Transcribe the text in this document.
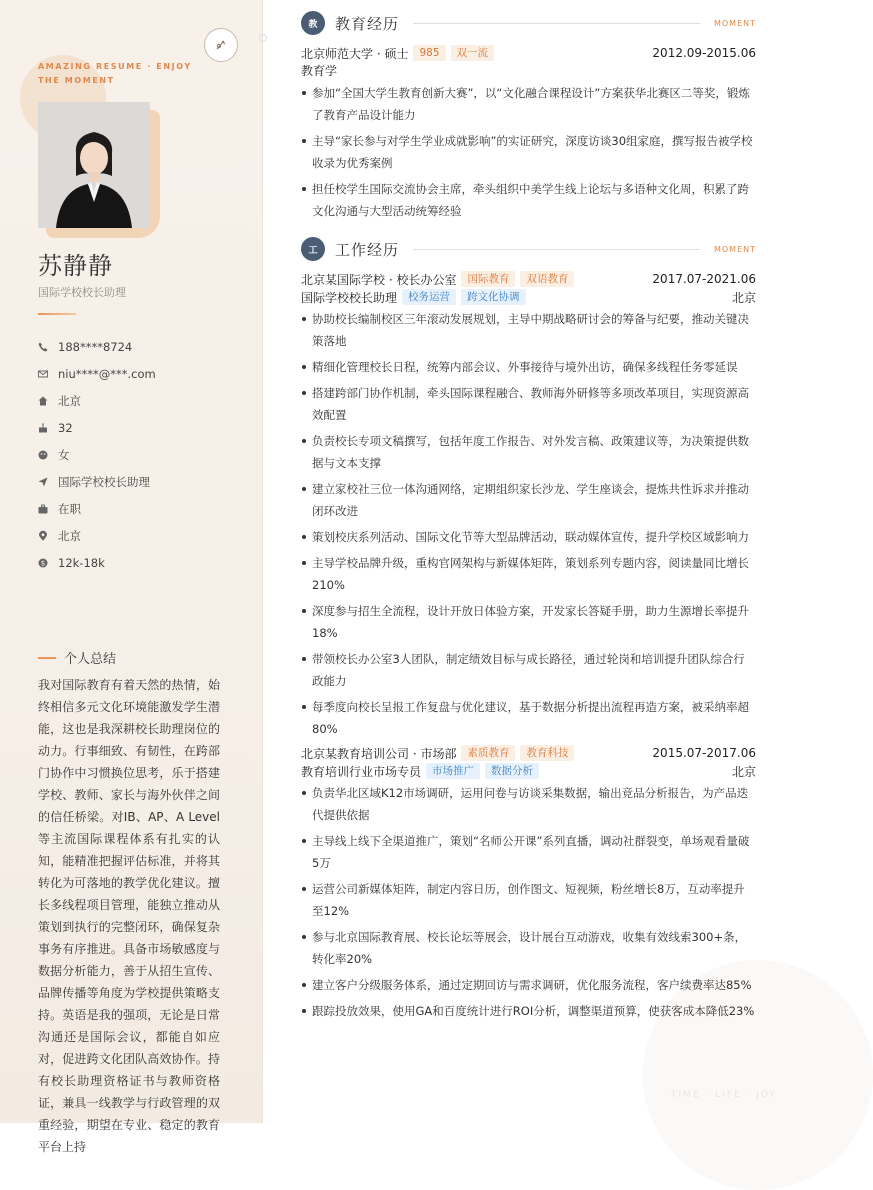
AMAZING RESUME · ENJOY THE MOMENT
苏静静
国际学校校长助理
188****8724
niu****@***.com
北京
32
女
国际学校校长助理
在职
北京
$ 12k-18k
个人总结
我对国际教育有着天然的热情，始终相信多元文化环境能激发学生潜能，这也是我深耕校长助理岗位的动力。行事细致、有韧性，在跨部门协作中习惯换位思考，乐于搭建学校、教师、家长与海外伙伴之间的信任桥梁。对IB、AP、A Level等主流国际课程体系有扎实的认知，能精准把握评估标准，并将其转化为可落地的教学优化建议。擅长多线程项目管理，能独立推动从策划到执行的完整闭环，确保复杂事务有序推进。具备市场敏感度与数据分析能力，善于从招生宣传、品牌传播等角度为学校提供策略支持。英语是我的强项，无论是日常沟通还是国际会议，都能自如应对，促进跨文化团队高效协作。持有校长助理资格证书与教师资格证，兼具一线教学与行政管理的双重经验，期望在专业、稳定的教育平台上持
TIME · LIFE · JOY
教	教育经历	MOMENT
北京师范大学 · 硕士	985	双一流	2012.09-2015.06
教育学
参加“全国大学生教育创新大赛”，以“文化融合课程设计”方案获华北赛区二等奖，锻炼了教育产品设计能力
主导“家长参与对学生学业成就影响”的实证研究，深度访谈30组家庭，撰写报告被学校收录为优秀案例
担任校学生国际交流协会主席，牵头组织中美学生线上论坛与多语种文化周，积累了跨文化沟通与大型活动统筹经验
工	工作经历	MOMENT
北京某国际学校 · 校长办公室	国际教育	双语教育	2017.07-2021.06
国际学校校长助理	校务运营	跨文化协调	北京
协助校长编制校区三年滚动发展规划，主导中期战略研讨会的筹备与纪要，推动关键决策落地
精细化管理校长日程，统筹内部会议、外事接待与境外出访，确保多线程任务零延误
搭建跨部门协作机制，牵头国际课程融合、教师海外研修等多项改革项目，实现资源高效配置
负责校长专项文稿撰写，包括年度工作报告、对外发言稿、政策建议等，为决策提供数据与文本支撑
建立家校社三位一体沟通网络，定期组织家长沙龙、学生座谈会，提炼共性诉求并推动闭环改进
策划校庆系列活动、国际文化节等大型品牌活动，联动媒体宣传，提升学校区域影响力
主导学校品牌升级，重构官网架构与新媒体矩阵，策划系列专题内容，阅读量同比增长210%
深度参与招生全流程，设计开放日体验方案，开发家长答疑手册，助力生源增长率提升18%
带领校长办公室3人团队，制定绩效目标与成长路径，通过轮岗和培训提升团队综合行政能力
每季度向校长呈报工作复盘与优化建议，基于数据分析提出流程再造方案，被采纳率超80%
北京某教育培训公司 · 市场部	素质教育	教育科技	2015.07-2017.06
教育培训行业市场专员	市场推广	数据分析	北京
负责华北区域K12市场调研，运用问卷与访谈采集数据，输出竞品分析报告，为产品迭代提供依据
主导线上线下全渠道推广，策划“名师公开课”系列直播，调动社群裂变，单场观看量破5万
运营公司新媒体矩阵，制定内容日历，创作图文、短视频，粉丝增长8万，互动率提升至12%
参与北京国际教育展、校长论坛等展会，设计展台互动游戏，收集有效线索300+条，转化率20%
建立客户分级服务体系，通过定期回访与需求调研，优化服务流程，客户续费率达85%
跟踪投放效果，使用GA和百度统计进行ROI分析，调整渠道预算，使获客成本降低23%
